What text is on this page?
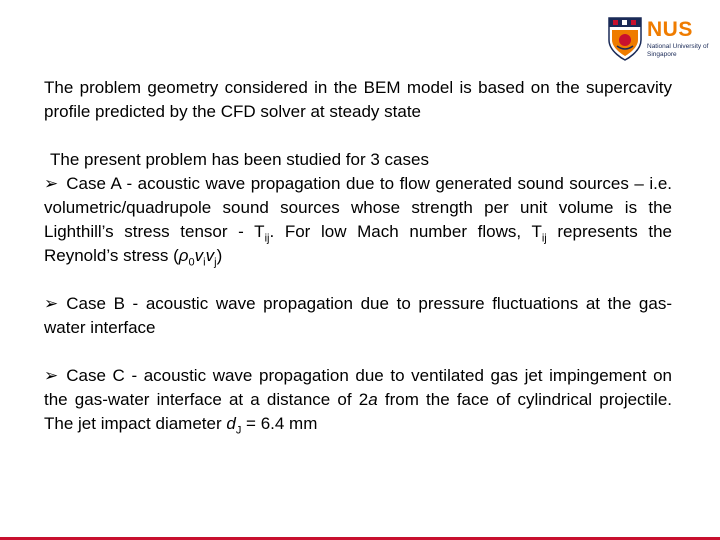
NUS
National University of Singapore

The problem geometry considered in the BEM model is based on the supercavity profile predicted by the CFD solver at steady state

The present problem has been studied for 3 cases

➢ Case A - acoustic wave propagation due to flow generated sound sources – i.e. volumetric/quadrupole sound sources whose strength per unit volume is the Lighthill’s stress tensor - $T_{ij}$. For low Mach number flows, $T_{ij}$ represents the Reynold’s stress $(\rho_0v_iv_j)$

➢ Case B - acoustic wave propagation due to pressure fluctuations at the gas-water interface

➢ Case C - acoustic wave propagation due to ventilated gas jet impingement on the gas-water interface at a distance of 2a from the face of cylindrical projectile. The jet impact diameter $d_J = 6.4$ mm
